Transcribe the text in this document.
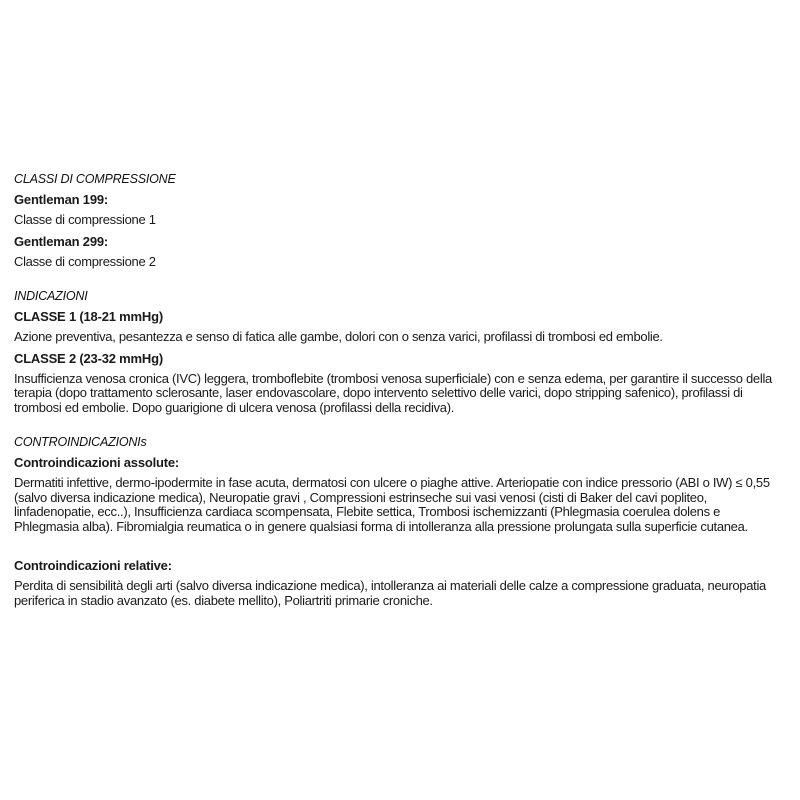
CLASSI DI COMPRESSIONE

Gentleman 199:

Classe di compressione 1

Gentleman 299:

Classe di compressione 2

INDICAZIONI

CLASSE 1 (18-21 mmHg)

Azione preventiva, pesantezza e senso di fatica alle gambe, dolori con o senza varici, profilassi di trombosi ed embolie.

CLASSE 2 (23-32 mmHg)

Insufficienza venosa cronica (IVC) leggera, tromboflebite (trombosi venosa superficiale) con e senza edema, per garantire il successo della terapia (dopo trattamento sclerosante, laser endovascolare, dopo intervento selettivo delle varici, dopo stripping safenico), profilassi di trombosi ed embolie. Dopo guarigione di ulcera venosa (profilassi della recidiva).

CONTROINDICAZIONIs

Controindicazioni assolute:

Dermatiti infettive, dermo-ipodermite in fase acuta, dermatosi con ulcere o piaghe attive. Arteriopatie con indice pressorio (ABI o IW) ≤ 0,55 (salvo diversa indicazione medica), Neuropatie gravi , Compressioni estrinseche sui vasi venosi (cisti di Baker del cavi popliteo, linfadenopatie, ecc..), Insufficienza cardiaca scompensata, Flebite settica, Trombosi ischemizzanti (Phlegmasia coerulea dolens e Phlegmasia alba). Fibromialgia reumatica o in genere qualsiasi forma di intolleranza alla pressione prolungata sulla superficie cutanea.

Controindicazioni relative:

Perdita di sensibilità degli arti (salvo diversa indicazione medica), intolleranza ai materiali delle calze a compressione graduata, neuropatia periferica in stadio avanzato (es. diabete mellito), Poliartriti primarie croniche.
